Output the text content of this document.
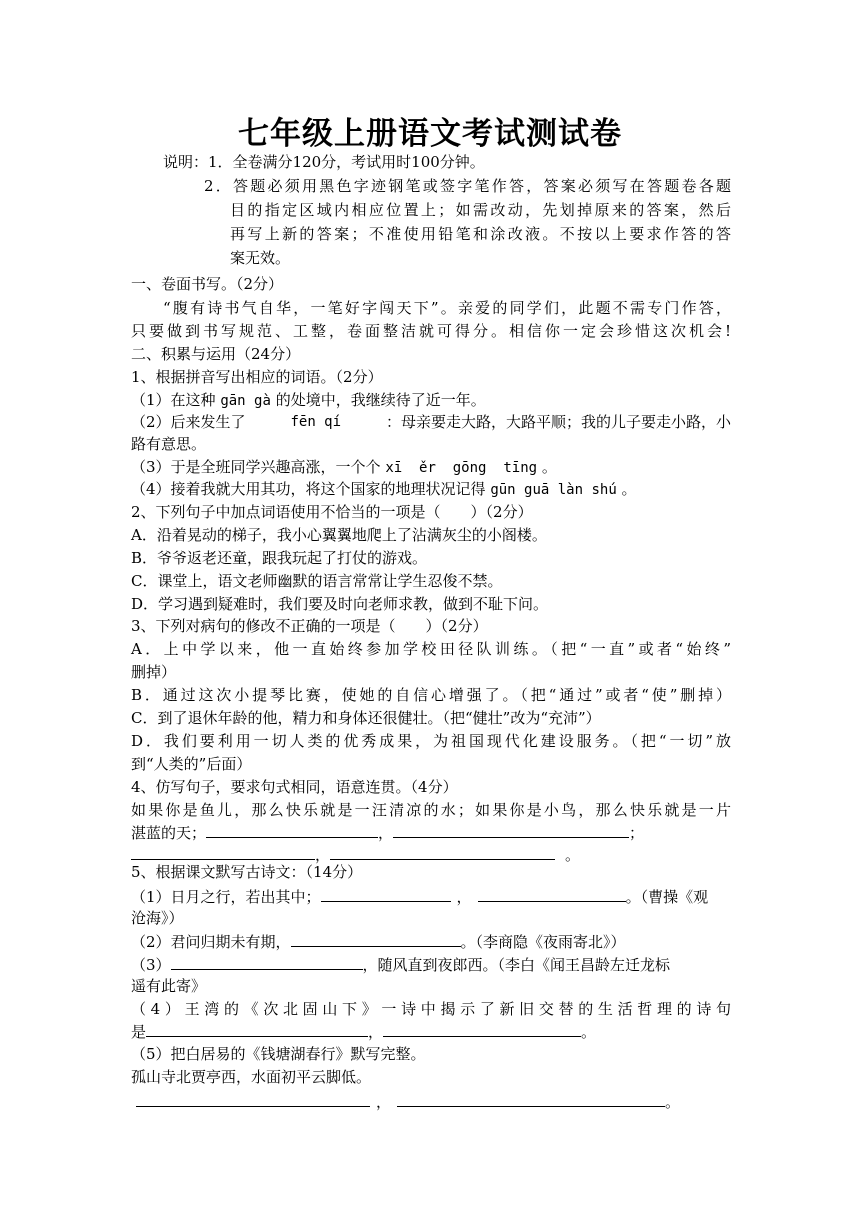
七年级上册语文考试测试卷
说明：1．全卷满分120分，考试用时100分钟。
2．答题必须用黑色字迹钢笔或签字笔作答，答案必须写在答题卷各题
目的指定区域内相应位置上；如需改动，先划掉原来的答案，然后
再写上新的答案；不准使用铅笔和涂改液。不按以上要求作答的答
案无效。
一、卷面书写。（2分）
“腹有诗书气自华，一笔好字闯天下”。亲爱的同学们，此题不需专门作答，
只要做到书写规范、工整，卷面整洁就可得分。相信你一定会珍惜这次机会!
二、积累与运用（24分）
1、根据拼音写出相应的词语。（2分）
（1）在这种 gān gà 的处境中，我继续待了近一年。
（2）后来发生了	fēn qí	：母亲要走大路，大路平顺；我的儿子要走小路，小
路有意思。
（3）于是全班同学兴趣高涨，一个个 xī  ěr  gōng  tīng 。
（4）接着我就大用其功，将这个国家的地理状况记得 gūn guā làn shú 。
2、下列句子中加点词语使用不恰当的一项是（　　）（2分）
A．沿着晃动的梯子，我小心翼翼地爬上了沾满灰尘的小阁楼。
B．爷爷返老还童，跟我玩起了打仗的游戏。
C．课堂上，语文老师幽默的语言常常让学生忍俊不禁。
D．学习遇到疑难时，我们要及时向老师求教，做到不耻下问。
3、下列对病句的修改不正确的一项是（　　）（2分）
A．上中学以来，他一直始终参加学校田径队训练。（把“一直”或者“始终”
删掉）
B．通过这次小提琴比赛，使她的自信心增强了。（把“通过”或者“使”删掉）
C．到了退休年龄的他，精力和身体还很健壮。（把“健壮”改为“充沛”）
D．我们要利用一切人类的优秀成果，为祖国现代化建设服务。（把“一切”放
到“人类的”后面）
4、仿写句子，要求句式相同，语意连贯。（4分）
如果你是鱼儿，那么快乐就是一汪清凉的水；如果你是小鸟，那么快乐就是一片
湛蓝的天；	，	；
，	。
5、根据课文默写古诗文：（14分）
（1）日月之行，若出其中；	，	。（曹操《观
沧海》）
（2）君问归期未有期，	。（李商隐《夜雨寄北》）
（3）	，随风直到夜郎西。（李白《闻王昌龄左迁龙标
遥有此寄》
（4）王湾的《次北固山下》一诗中揭示了新旧交替的生活哲理的诗句
是	，	。
（5）把白居易的《钱塘湖春行》默写完整。
孤山寺北贾亭西，水面初平云脚低。
，	。
